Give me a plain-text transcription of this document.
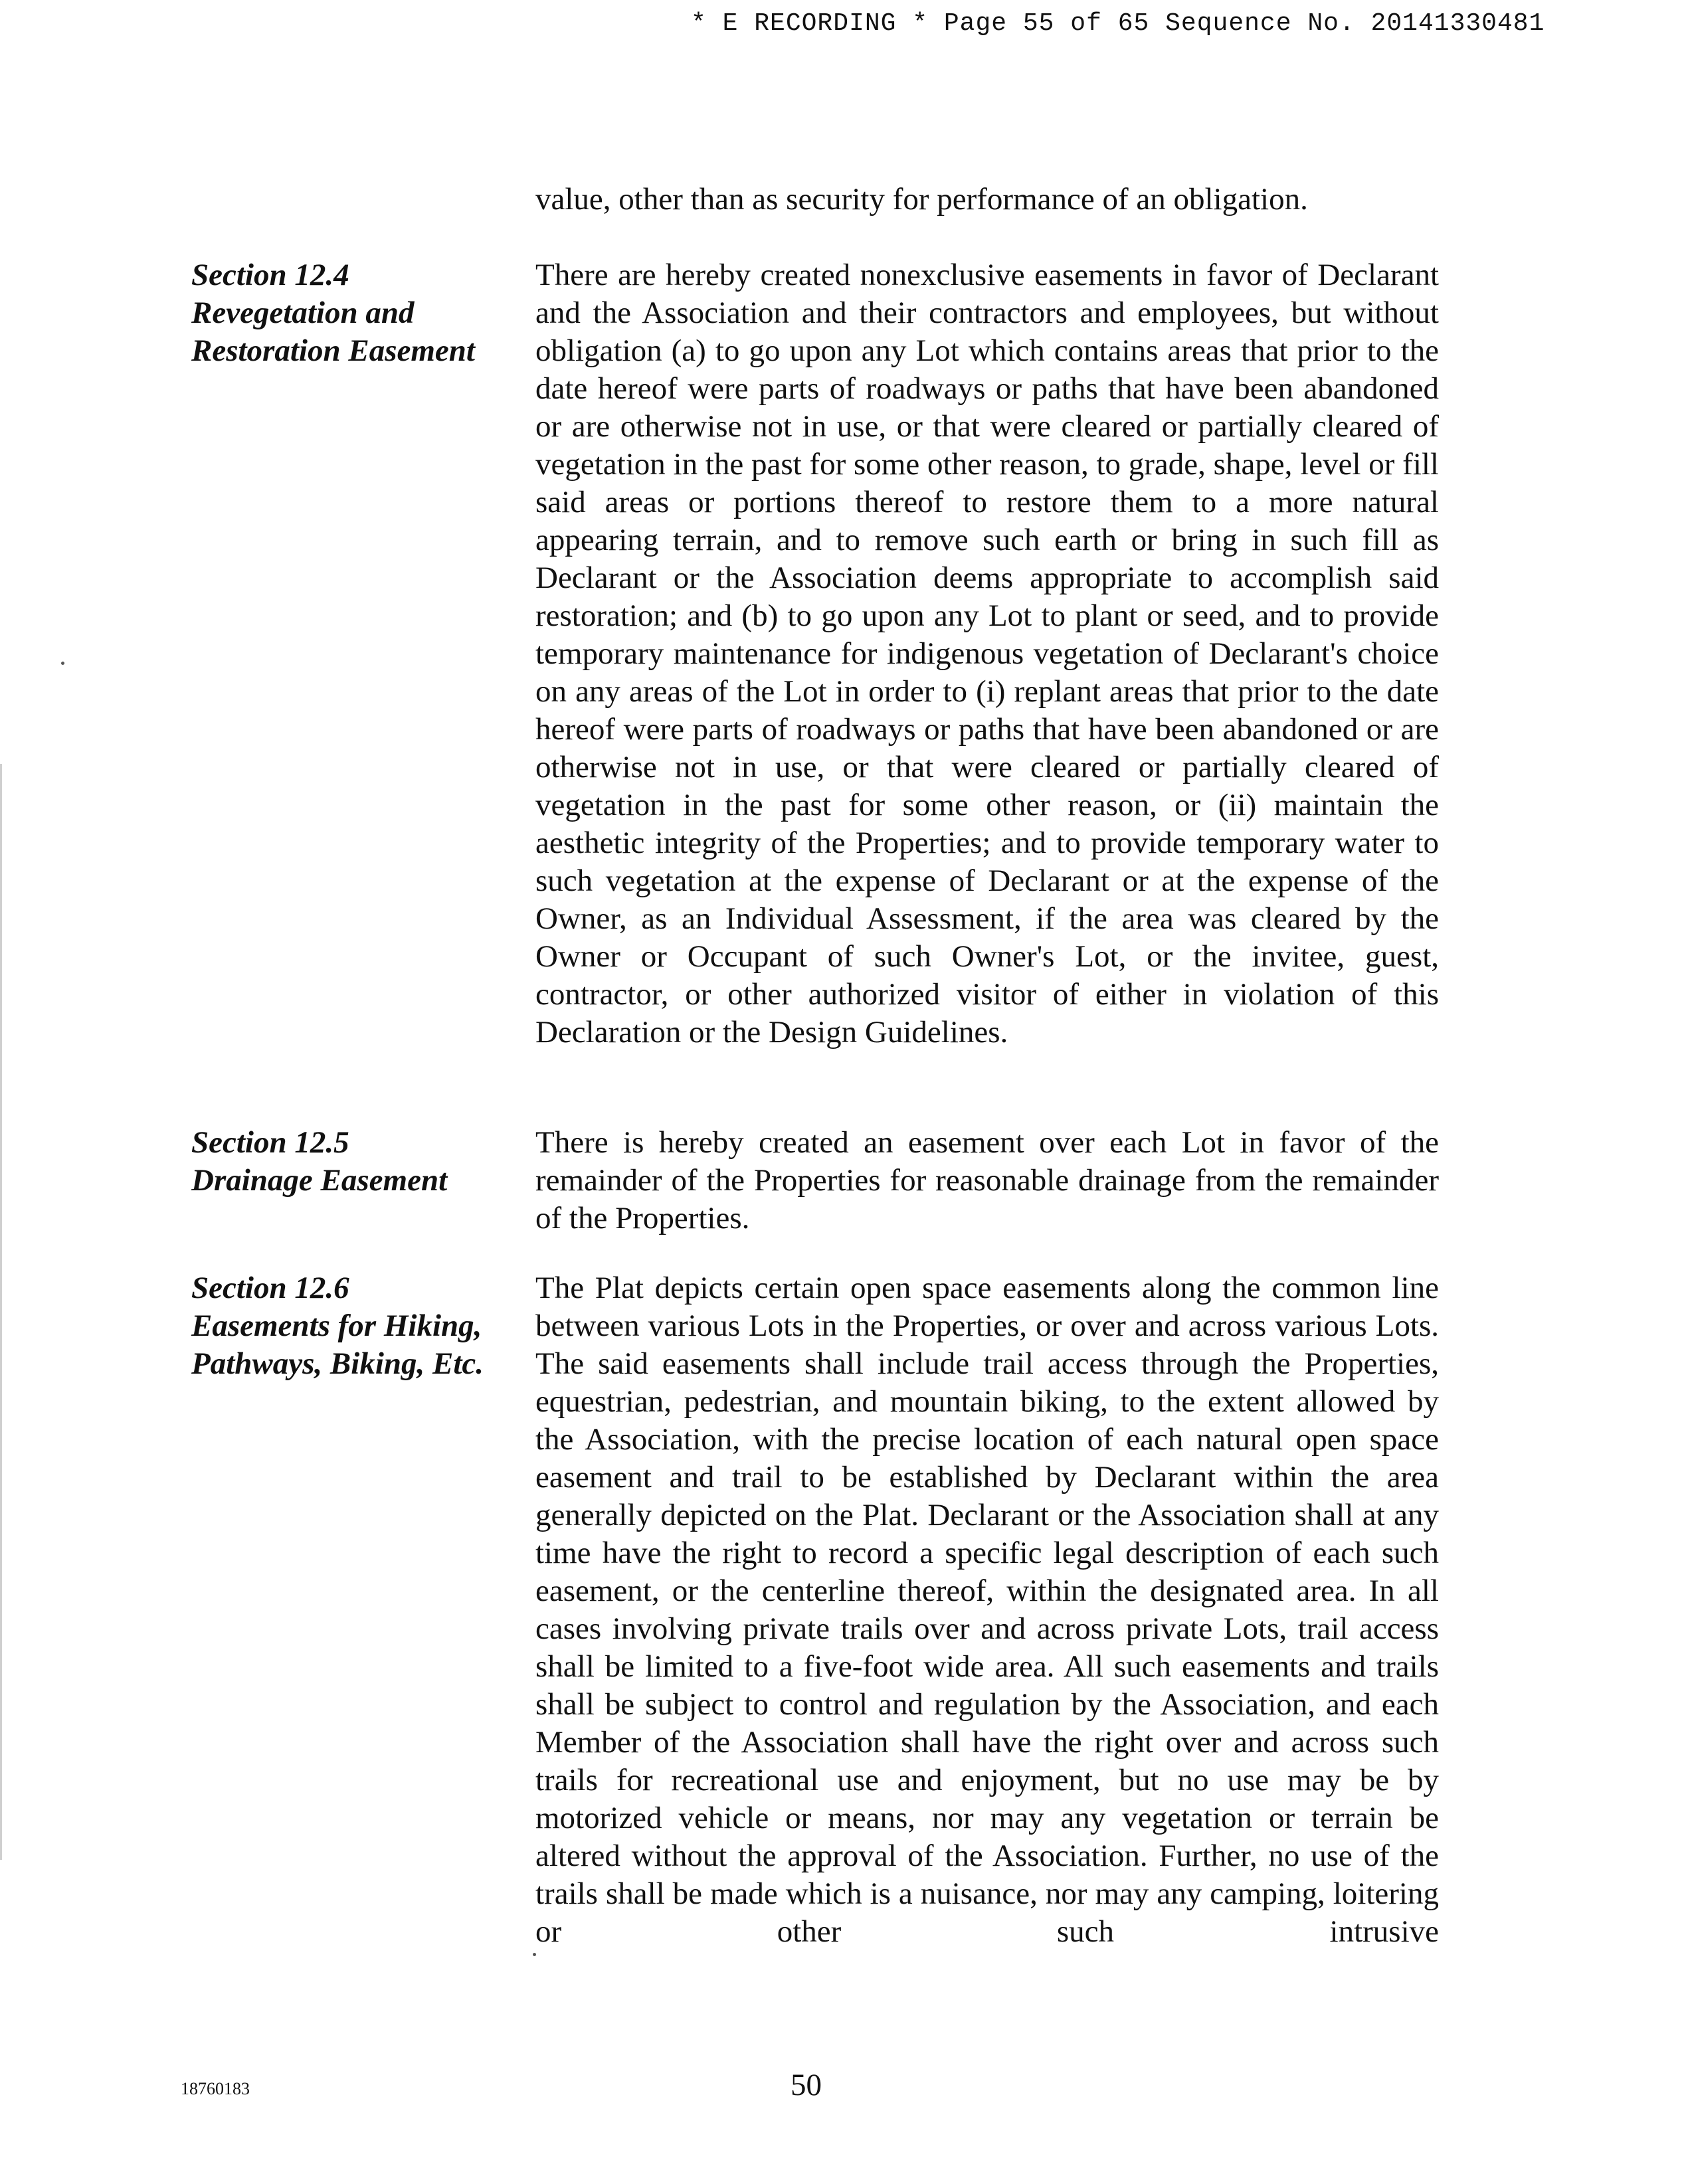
* E RECORDING * Page 55 of 65 Sequence No. 20141330481
value, other than as security for performance of an obligation.
Section 12.4
Revegetation and
Restoration Easement

There are hereby created nonexclusive easements in favor of Declarant and the Association and their contractors and employees, but without obligation (a) to go upon any Lot which contains areas that prior to the date hereof were parts of roadways or paths that have been abandoned or are otherwise not in use, or that were cleared or partially cleared of vegetation in the past for some other reason, to grade, shape, level or fill said areas or portions thereof to restore them to a more natural appearing terrain, and to remove such earth or bring in such fill as Declarant or the Association deems appropriate to accomplish said restoration; and (b) to go upon any Lot to plant or seed, and to provide temporary maintenance for indigenous vegetation of Declarant's choice on any areas of the Lot in order to (i) replant areas that prior to the date hereof were parts of roadways or paths that have been abandoned or are otherwise not in use, or that were cleared or partially cleared of vegetation in the past for some other reason, or (ii) maintain the aesthetic integrity of the Properties; and to provide temporary water to such vegetation at the expense of Declarant or at the expense of the Owner, as an Individual Assessment, if the area was cleared by the Owner or Occupant of such Owner's Lot, or the invitee, guest, contractor, or other authorized visitor of either in violation of this Declaration or the Design Guidelines.

Section 12.5
Drainage Easement

There is hereby created an easement over each Lot in favor of the remainder of the Properties for reasonable drainage from the remainder of the Properties.

Section 12.6
Easements for Hiking,
Pathways, Biking, Etc.

The Plat depicts certain open space easements along the common line between various Lots in the Properties, or over and across various Lots. The said easements shall include trail access through the Properties, equestrian, pedestrian, and mountain biking, to the extent allowed by the Association, with the precise location of each natural open space easement and trail to be established by Declarant within the area generally depicted on the Plat. Declarant or the Association shall at any time have the right to record a specific legal description of each such easement, or the centerline thereof, within the designated area. In all cases involving private trails over and across private Lots, trail access shall be limited to a five-foot wide area. All such easements and trails shall be subject to control and regulation by the Association, and each Member of the Association shall have the right over and across such trails for recreational use and enjoyment, but no use may be by motorized vehicle or means, nor may any vegetation or terrain be altered without the approval of the Association. Further, no use of the trails shall be made which is a nuisance, nor may any camping, loitering or other such intrusive

18760183	50
